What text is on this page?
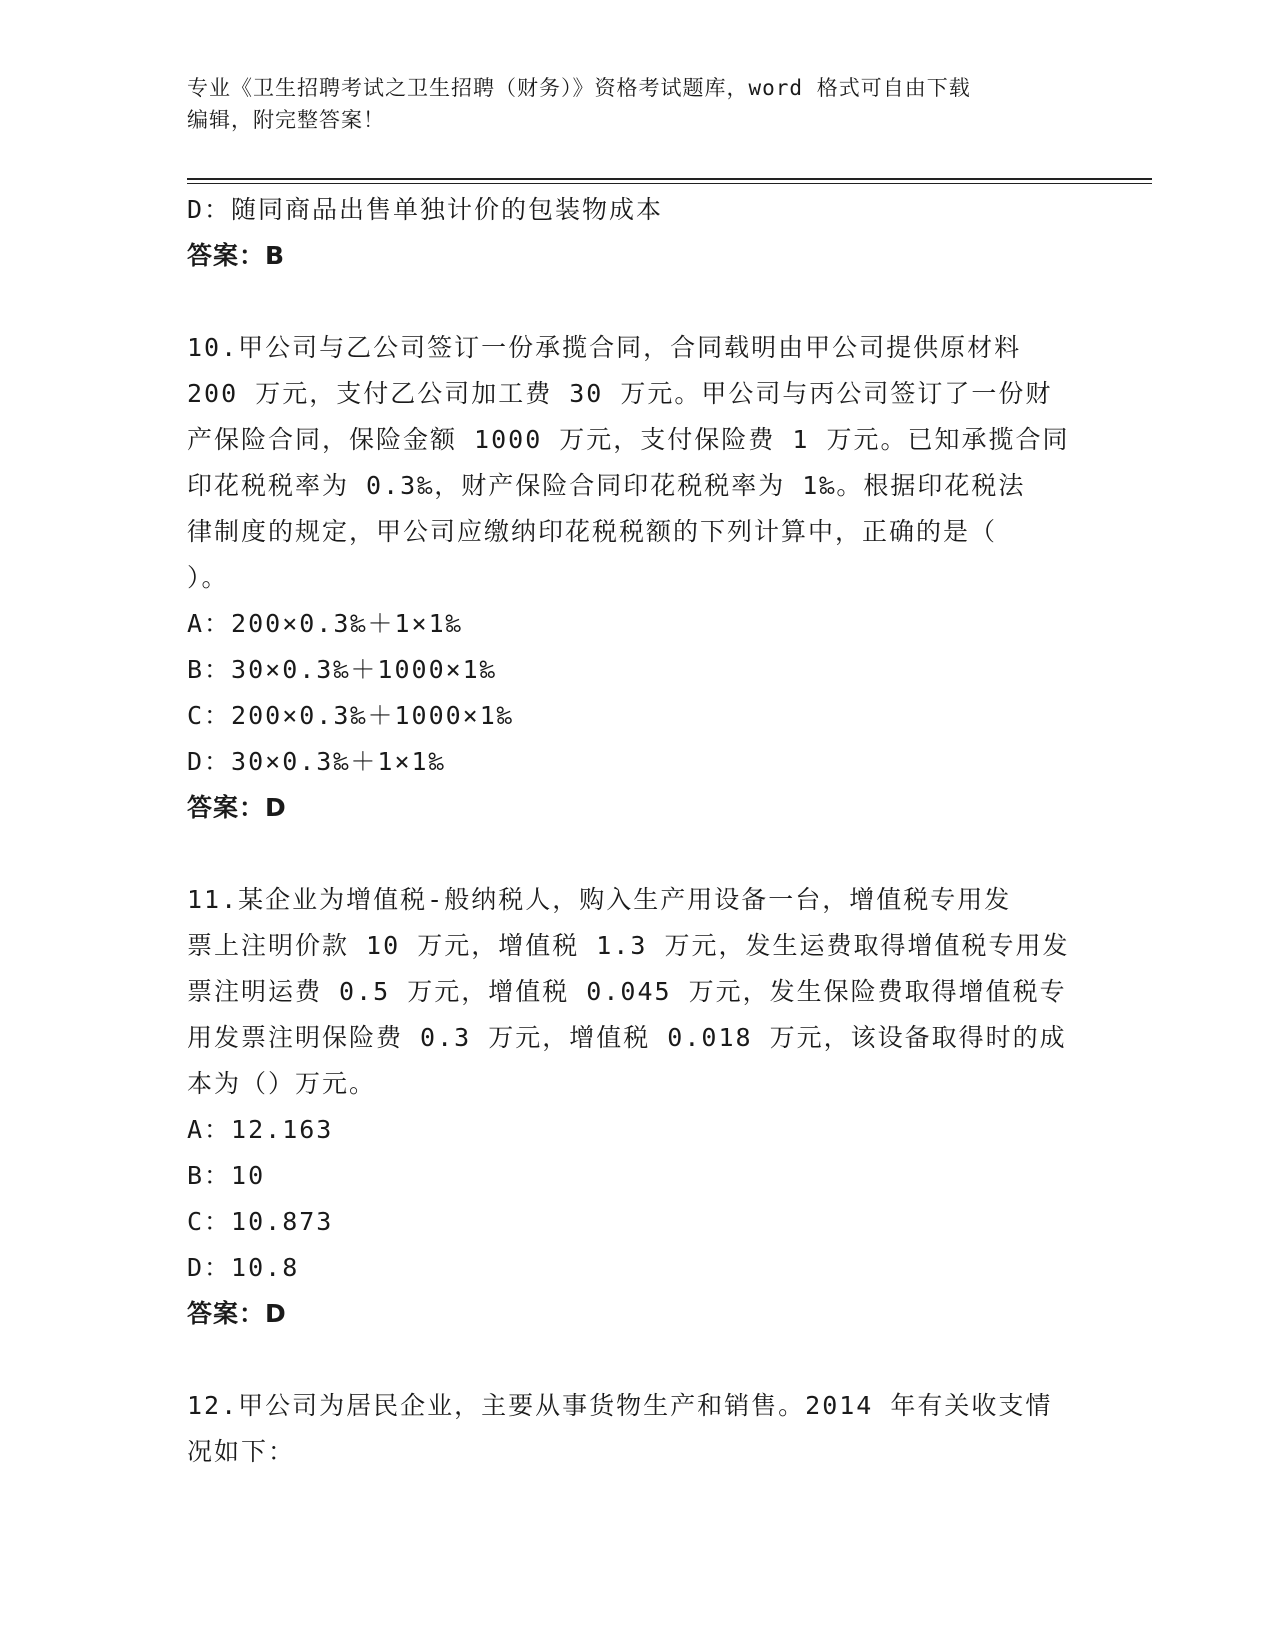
专业《卫生招聘考试之卫生招聘（财务）》资格考试题库，word 格式可自由下载
编辑，附完整答案！
D：随同商品出售单独计价的包装物成本
答案：B
10.甲公司与乙公司签订一份承揽合同，合同载明由甲公司提供原材料
200 万元，支付乙公司加工费 30 万元。甲公司与丙公司签订了一份财
产保险合同，保险金额 1000 万元，支付保险费 1 万元。已知承揽合同
印花税税率为 0.3‰，财产保险合同印花税税率为 1‰。根据印花税法
律制度的规定，甲公司应缴纳印花税税额的下列计算中，正确的是（
）。
A：200×0.3‰＋1×1‰
B：30×0.3‰＋1000×1‰
C：200×0.3‰＋1000×1‰
D：30×0.3‰＋1×1‰
答案：D
11.某企业为增值税-般纳税人，购入生产用设备一台，增值税专用发
票上注明价款 10 万元，增值税 1.3 万元，发生运费取得增值税专用发
票注明运费 0.5 万元，增值税 0.045 万元，发生保险费取得增值税专
用发票注明保险费 0.3 万元，增值税 0.018 万元，该设备取得时的成
本为（）万元。
A：12.163
B：10
C：10.873
D：10.8
答案：D
12.甲公司为居民企业，主要从事货物生产和销售。2014 年有关收支情
况如下：
